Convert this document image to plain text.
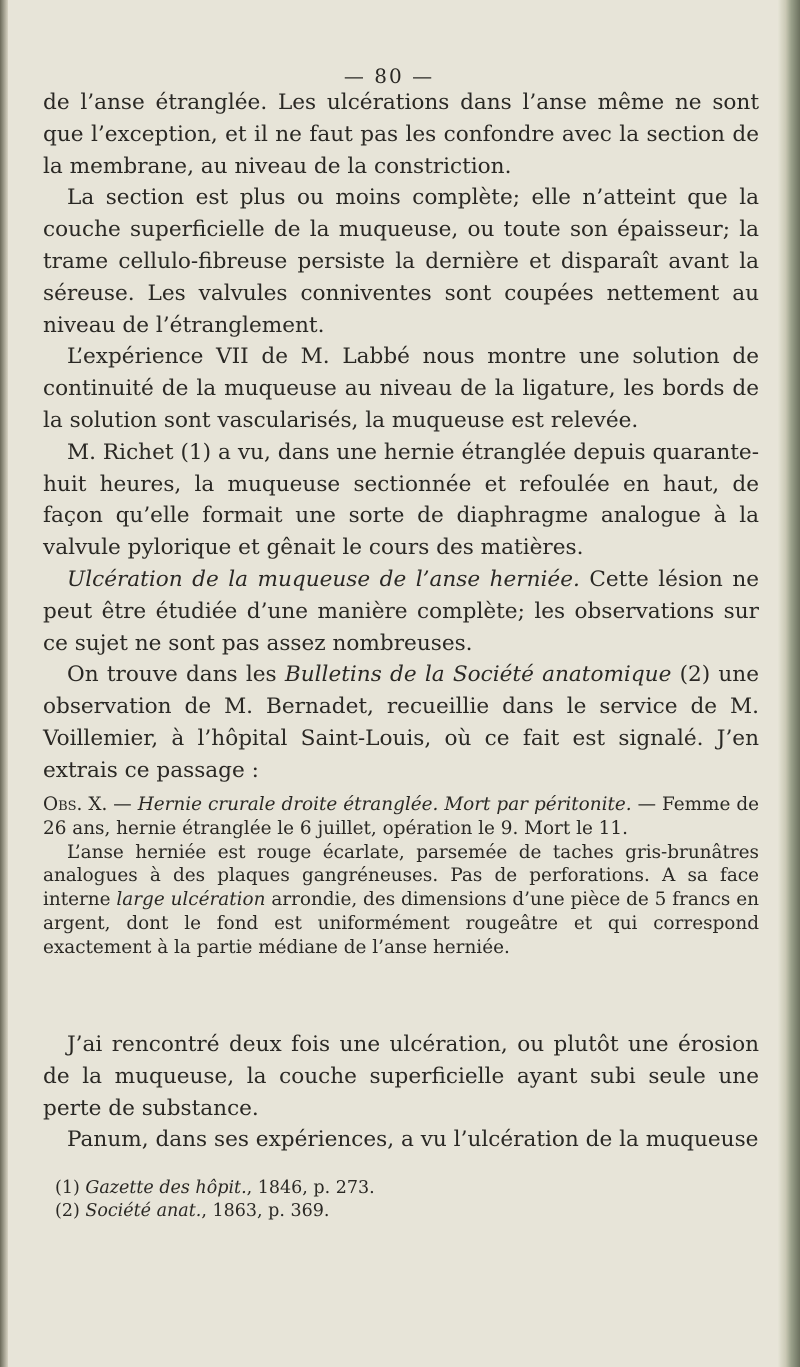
— 80 —

de l’anse étranglée. Les ulcérations dans l’anse même ne sont que l’exception, et il ne faut pas les confondre avec la section de la membrane, au niveau de la constriction.

La section est plus ou moins complète; elle n’atteint que la couche superficielle de la muqueuse, ou toute son épaisseur; la trame cellulo-fibreuse persiste la dernière et disparaît avant la séreuse. Les valvules conniventes sont coupées nettement au niveau de l’étranglement.

L’expérience VII de M. Labbé nous montre une solution de continuité de la muqueuse au niveau de la ligature, les bords de la solution sont vascularisés, la muqueuse est relevée.

M. Richet (1) a vu, dans une hernie étranglée depuis quarante-huit heures, la muqueuse sectionnée et refoulée en haut, de façon qu’elle formait une sorte de diaphragme analogue à la valvule pylorique et gênait le cours des matières.

Ulcération de la muqueuse de l’anse herniée. Cette lésion ne peut être étudiée d’une manière complète; les observations sur ce sujet ne sont pas assez nombreuses.

On trouve dans les Bulletins de la Société anatomique (2) une observation de M. Bernadet, recueillie dans le service de M. Voillemier, à l’hôpital Saint-Louis, où ce fait est signalé. J’en extrais ce passage :

Obs. X. — Hernie crurale droite étranglée. Mort par péritonite. — Femme de 26 ans, hernie étranglée le 6 juillet, opération le 9. Mort le 11.

L’anse herniée est rouge écarlate, parsemée de taches gris-brunâtres analogues à des plaques gangréneuses. Pas de perforations. A sa face interne large ulcération arrondie, des dimensions d’une pièce de 5 francs en argent, dont le fond est uniformément rougeâtre et qui correspond exactement à la partie médiane de l’anse herniée.

J’ai rencontré deux fois une ulcération, ou plutôt une érosion de la muqueuse, la couche superficielle ayant subi seule une perte de substance.

Panum, dans ses expériences, a vu l’ulcération de la muqueuse

(1) Gazette des hôpit., 1846, p. 273.
(2) Société anat., 1863, p. 369.
